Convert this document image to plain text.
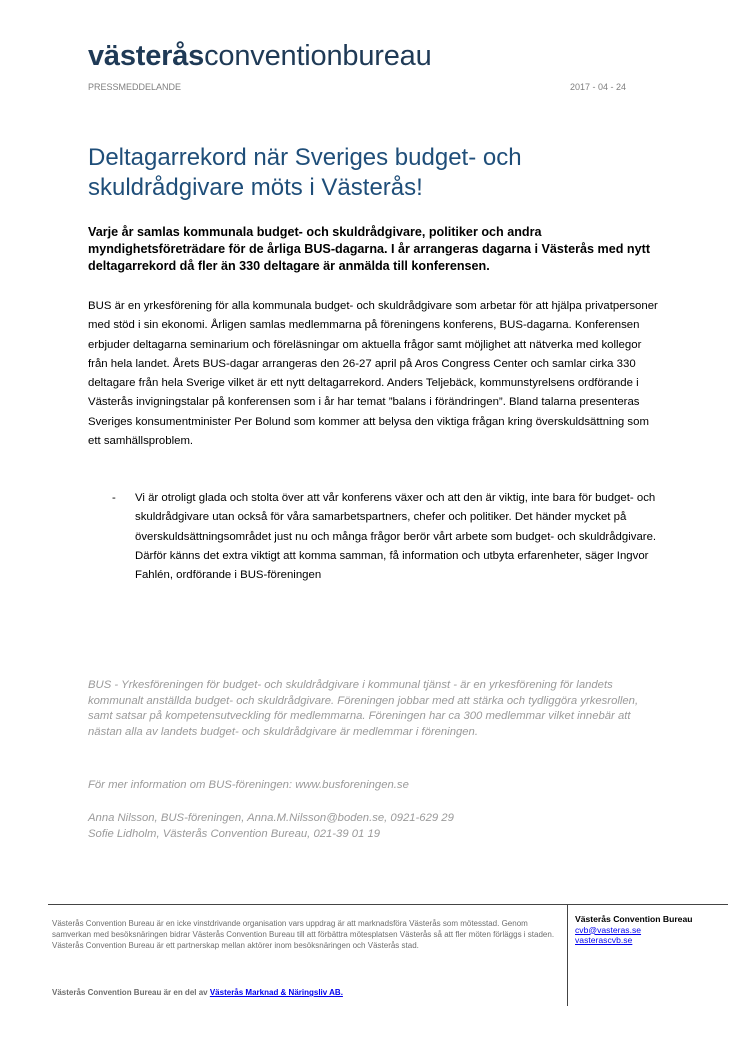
västeråsconventionbureau
PRESSMEDDELANDE	2017 - 04 - 24
Deltagarrekord när Sveriges budget- och skuldrådgivare möts i Västerås!
Varje år samlas kommunala budget- och skuldrådgivare, politiker och andra myndighetsföreträdare för de årliga BUS-dagarna. I år arrangeras dagarna i Västerås med nytt deltagarrekord då fler än 330 deltagare är anmälda till konferensen.
BUS är en yrkesförening för alla kommunala budget- och skuldrådgivare som arbetar för att hjälpa privatpersoner med stöd i sin ekonomi. Årligen samlas medlemmarna på föreningens konferens, BUS-dagarna. Konferensen erbjuder deltagarna seminarium och föreläsningar om aktuella frågor samt möjlighet att nätverka med kollegor från hela landet. Årets BUS-dagar arrangeras den 26-27 april på Aros Congress Center och samlar cirka 330 deltagare från hela Sverige vilket är ett nytt deltagarrekord. Anders Teljebäck, kommunstyrelsens ordförande i Västerås invigningstalar på konferensen som i år har temat ”balans i förändringen”. Bland talarna presenteras Sveriges konsumentminister Per Bolund som kommer att belysa den viktiga frågan kring överskuldsättning som ett samhällsproblem.
- Vi är otroligt glada och stolta över att vår konferens växer och att den är viktig, inte bara för budget- och skuldrådgivare utan också för våra samarbetspartners, chefer och politiker. Det händer mycket på överskuldsättningsområdet just nu och många frågor berör vårt arbete som budget- och skuldrådgivare. Därför känns det extra viktigt att komma samman, få information och utbyta erfarenheter, säger Ingvor Fahlén, ordförande i BUS-föreningen
BUS - Yrkesföreningen för budget- och skuldrådgivare i kommunal tjänst - är en yrkesförening för landets kommunalt anställda budget- och skuldrådgivare. Föreningen jobbar med att stärka och tydliggöra yrkesrollen, samt satsar på kompetensutveckling för medlemmarna. Föreningen har ca 300 medlemmar vilket innebär att nästan alla av landets budget- och skuldrådgivare är medlemmar i föreningen.
För mer information om BUS-föreningen: www.busforeningen.se
Anna Nilsson, BUS-föreningen, Anna.M.Nilsson@boden.se, 0921-629 29
Sofie Lidholm, Västerås Convention Bureau, 021-39 01 19
Västerås Convention Bureau är en icke vinstdrivande organisation vars uppdrag är att marknadsföra Västerås som mötesstad. Genom samverkan med besöksnäringen bidrar Västerås Convention Bureau till att förbättra mötesplatsen Västerås så att fler möten förläggs i staden. Västerås Convention Bureau är ett partnerskap mellan aktörer inom besöksnäringen och Västerås stad.
Västerås Convention Bureau är en del av Västerås Marknad & Näringsliv AB.
Västerås Convention Bureau
cvb@vasteras.se
vasterascvb.se
